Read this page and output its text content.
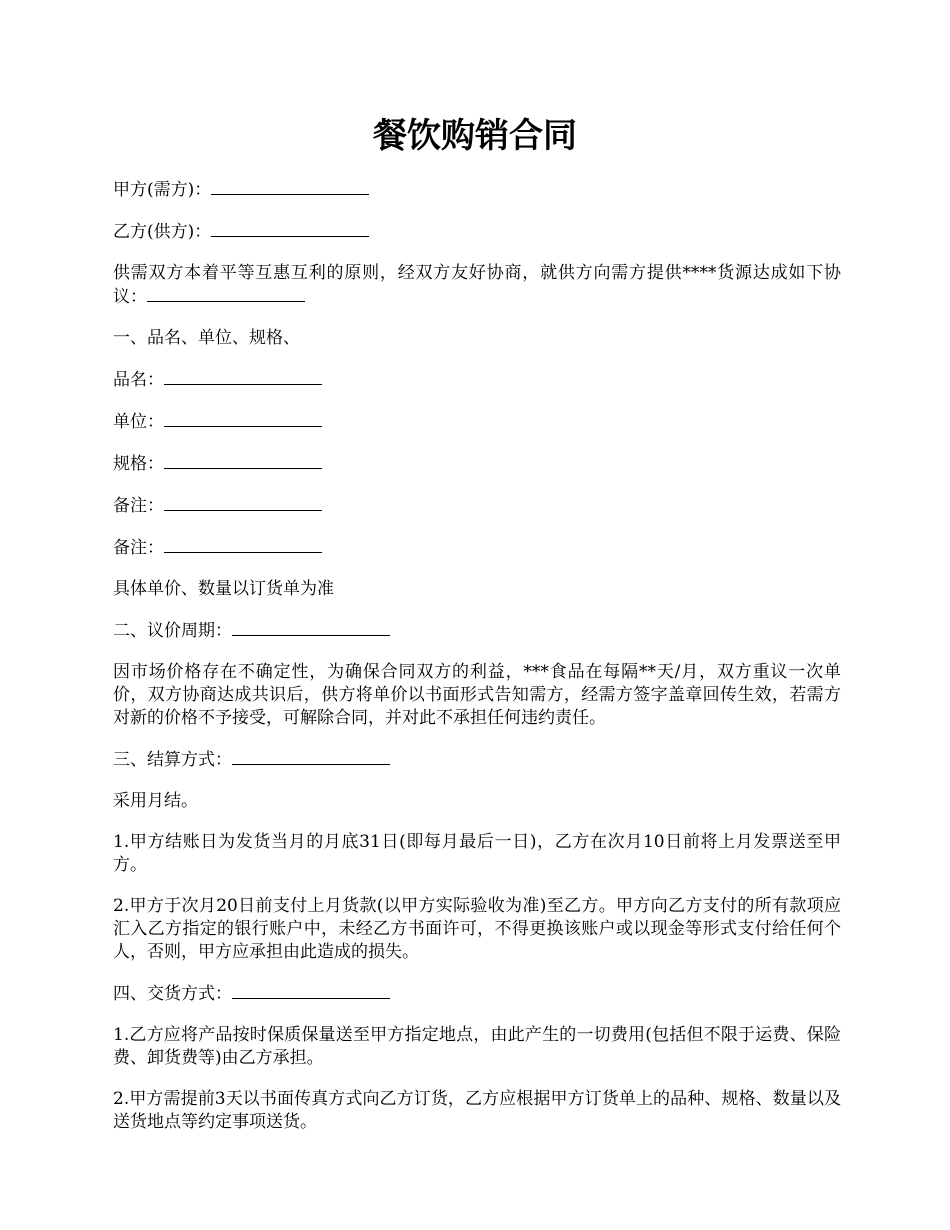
餐饮购销合同

甲方(需方)：

乙方(供方)：

供需双方本着平等互惠互利的原则，经双方友好协商，就供方向需方提供****货源达成如下协议：

一、品名、单位、规格、

品名：

单位：

规格：

备注：

备注：

具体单价、数量以订货单为准

二、议价周期：

因市场价格存在不确定性，为确保合同双方的利益，***食品在每隔**天/月，双方重议一次单价，双方协商达成共识后，供方将单价以书面形式告知需方，经需方签字盖章回传生效，若需方对新的价格不予接受，可解除合同，并对此不承担任何违约责任。

三、结算方式：

采用月结。

1.甲方结账日为发货当月的月底31日(即每月最后一日)，乙方在次月10日前将上月发票送至甲方。

2.甲方于次月20日前支付上月货款(以甲方实际验收为准)至乙方。甲方向乙方支付的所有款项应汇入乙方指定的银行账户中，未经乙方书面许可，不得更换该账户或以现金等形式支付给任何个人，否则，甲方应承担由此造成的损失。

四、交货方式：

1.乙方应将产品按时保质保量送至甲方指定地点，由此产生的一切费用(包括但不限于运费、保险费、卸货费等)由乙方承担。

2.甲方需提前3天以书面传真方式向乙方订货，乙方应根据甲方订货单上的品种、规格、数量以及送货地点等约定事项送货。
